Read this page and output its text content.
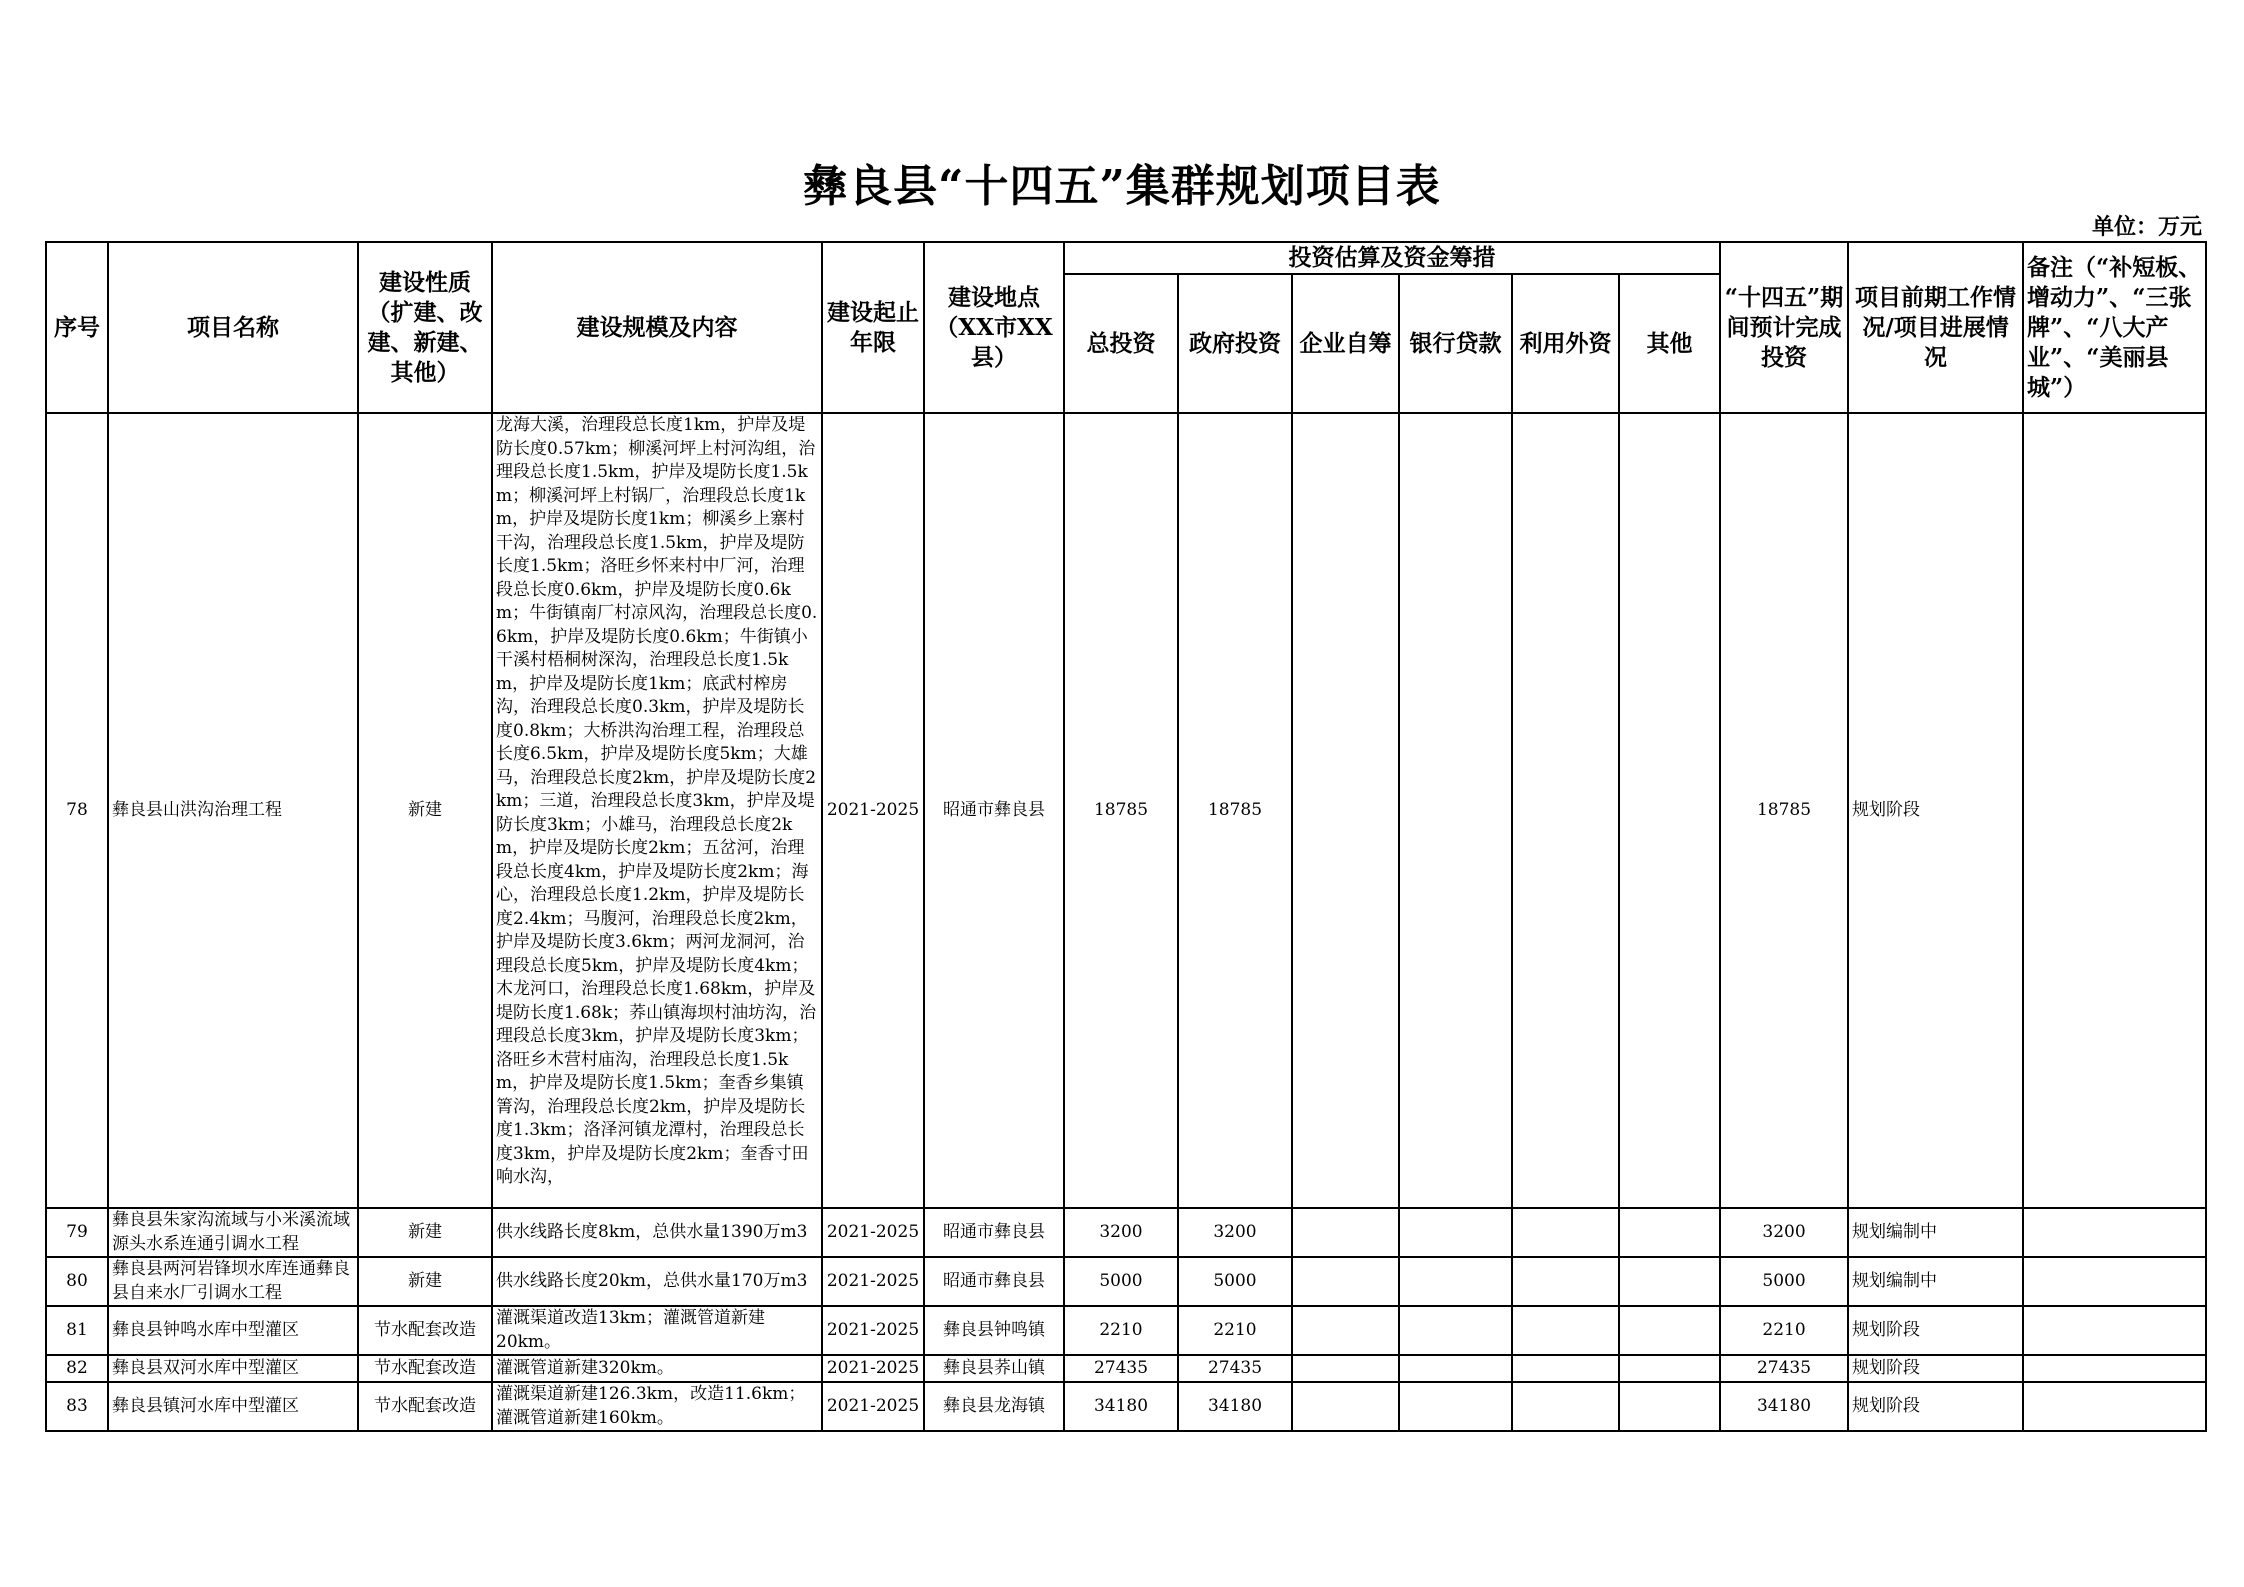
彝良县“十四五”集群规划项目表
单位：万元
序号	项目名称	建设性质（扩建、改建、新建、其他）	建设规模及内容	建设起止年限	建设地点（XX市XX县）	投资估算及资金筹措						“十四五”期间预计完成投资	项目前期工作情况/项目进展情况	备注（“补短板、增动力”、“三张牌”、“八大产业”、“美丽县城”）
						总投资	政府投资	企业自筹	银行贷款	利用外资	其他			
78	彝良县山洪沟治理工程	新建	龙海大溪，治理段总长度1km，护岸及堤防长度0.57km；柳溪河坪上村河沟组，治理段总长度1.5km，护岸及堤防长度1.5km；柳溪河坪上村锅厂，治理段总长度1km，护岸及堤防长度1km；柳溪乡上寨村干沟，治理段总长度1.5km，护岸及堤防长度1.5km；洛旺乡怀来村中厂河，治理段总长度0.6km，护岸及堤防长度0.6km；牛街镇南厂村凉风沟，治理段总长度0.6km，护岸及堤防长度0.6km；牛街镇小干溪村梧桐树深沟，治理段总长度1.5km，护岸及堤防长度1km；底武村榨房沟，治理段总长度0.3km，护岸及堤防长度0.8km；大桥洪沟治理工程，治理段总长度6.5km，护岸及堤防长度5km；大雄马，治理段总长度2km，护岸及堤防长度2km；三道，治理段总长度3km，护岸及堤防长度3km；小雄马，治理段总长度2km，护岸及堤防长度2km；五岔河，治理段总长度4km，护岸及堤防长度2km；海心，治理段总长度1.2km，护岸及堤防长度2.4km；马腹河，治理段总长度2km，护岸及堤防长度3.6km；两河龙洞河，治理段总长度5km，护岸及堤防长度4km；木龙河口，治理段总长度1.68km，护岸及堤防长度1.68k；荞山镇海坝村油坊沟，治理段总长度3km，护岸及堤防长度3km；洛旺乡木营村庙沟，治理段总长度1.5km，护岸及堤防长度1.5km；奎香乡集镇箐沟，治理段总长度2km，护岸及堤防长度1.3km；洛泽河镇龙潭村，治理段总长度3km，护岸及堤防长度2km；奎香寸田响水沟，	2021-2025	昭通市彝良县	18785	18785					18785	规划阶段	
79	彝良县朱家沟流域与小米溪流域源头水系连通引调水工程	新建	供水线路长度8km，总供水量1390万m3	2021-2025	昭通市彝良县	3200	3200					3200	规划编制中	
80	彝良县两河岩锋坝水库连通彝良县自来水厂引调水工程	新建	供水线路长度20km，总供水量170万m3	2021-2025	昭通市彝良县	5000	5000					5000	规划编制中	
81	彝良县钟鸣水库中型灌区	节水配套改造	灌溉渠道改造13km；灌溉管道新建20km。	2021-2025	彝良县钟鸣镇	2210	2210					2210	规划阶段	
82	彝良县双河水库中型灌区	节水配套改造	灌溉管道新建320km。	2021-2025	彝良县荞山镇	27435	27435					27435	规划阶段	
83	彝良县镇河水库中型灌区	节水配套改造	灌溉渠道新建126.3km，改造11.6km；灌溉管道新建160km。	2021-2025	彝良县龙海镇	34180	34180					34180	规划阶段	
